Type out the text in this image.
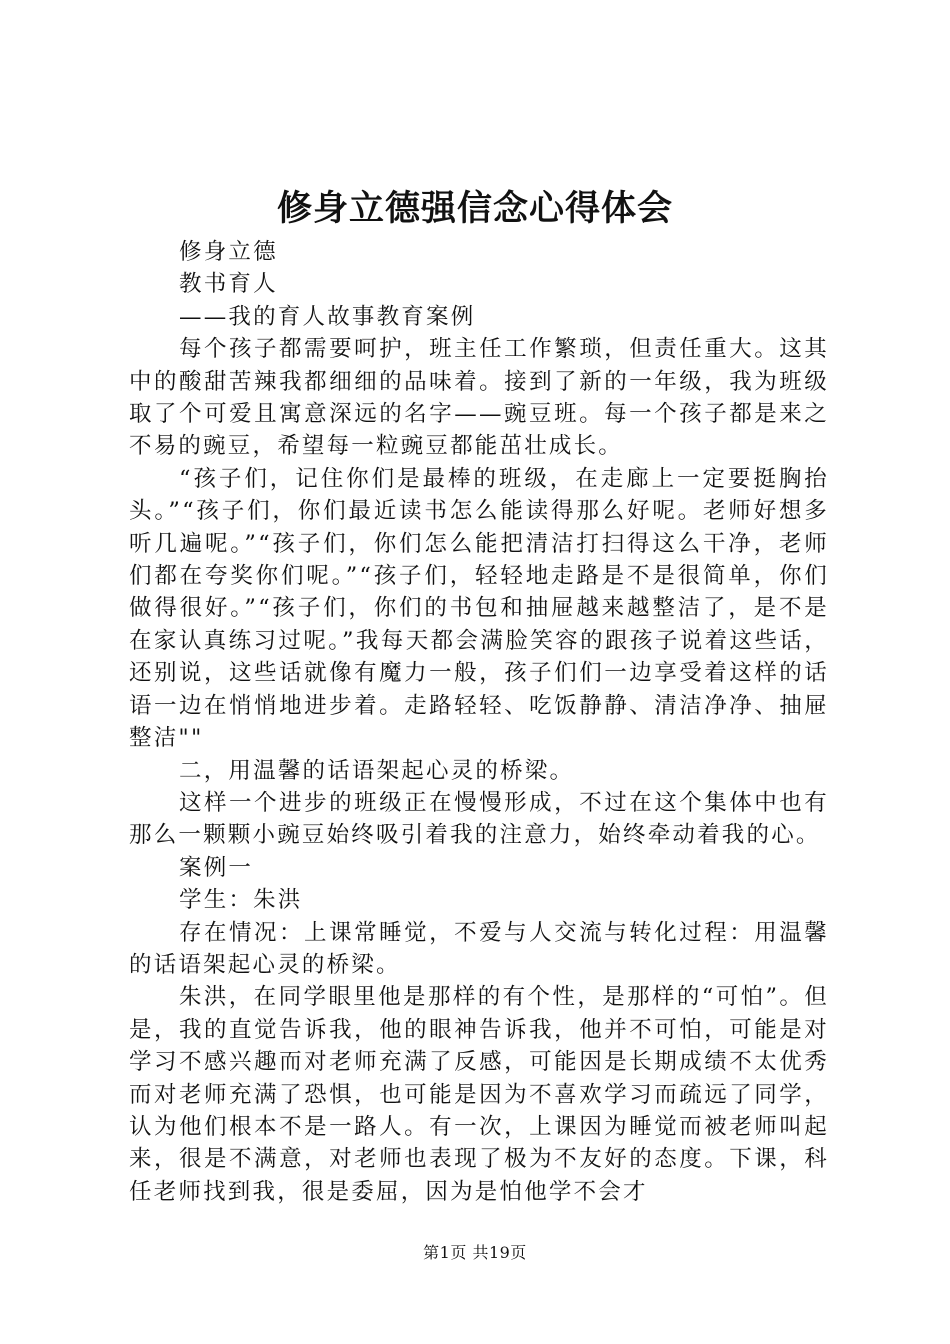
修身立德强信念心得体会

修身立德

教书育人

——我的育人故事教育案例

每个孩子都需要呵护，班主任工作繁琐，但责任重大。这其中的酸甜苦辣我都细细的品味着。接到了新的一年级，我为班级取了个可爱且寓意深远的名字——豌豆班。每一个孩子都是来之不易的豌豆，希望每一粒豌豆都能茁壮成长。

“孩子们，记住你们是最棒的班级，在走廊上一定要挺胸抬头。”“孩子们，你们最近读书怎么能读得那么好呢。老师好想多听几遍呢。”“孩子们，你们怎么能把清洁打扫得这么干净，老师们都在夸奖你们呢。”“孩子们，轻轻地走路是不是很简单，你们做得很好。”“孩子们，你们的书包和抽屉越来越整洁了，是不是在家认真练习过呢。”我每天都会满脸笑容的跟孩子说着这些话，还别说，这些话就像有魔力一般，孩子们们一边享受着这样的话语一边在悄悄地进步着。走路轻轻、吃饭静静、清洁净净、抽屉整洁""

二，用温馨的话语架起心灵的桥梁。

这样一个进步的班级正在慢慢形成，不过在这个集体中也有那么一颗颗小豌豆始终吸引着我的注意力，始终牵动着我的心。

案例一

学生：朱洪

存在情况：上课常睡觉，不爱与人交流与转化过程：用温馨的话语架起心灵的桥梁。

朱洪，在同学眼里他是那样的有个性，是那样的“可怕”。但是，我的直觉告诉我，他的眼神告诉我，他并不可怕，可能是对学习不感兴趣而对老师充满了反感，可能因是长期成绩不太优秀而对老师充满了恐惧，也可能是因为不喜欢学习而疏远了同学，认为他们根本不是一路人。有一次，上课因为睡觉而被老师叫起来，很是不满意，对老师也表现了极为不友好的态度。下课，科任老师找到我，很是委屈，因为是怕他学不会才

第1页 共19页
